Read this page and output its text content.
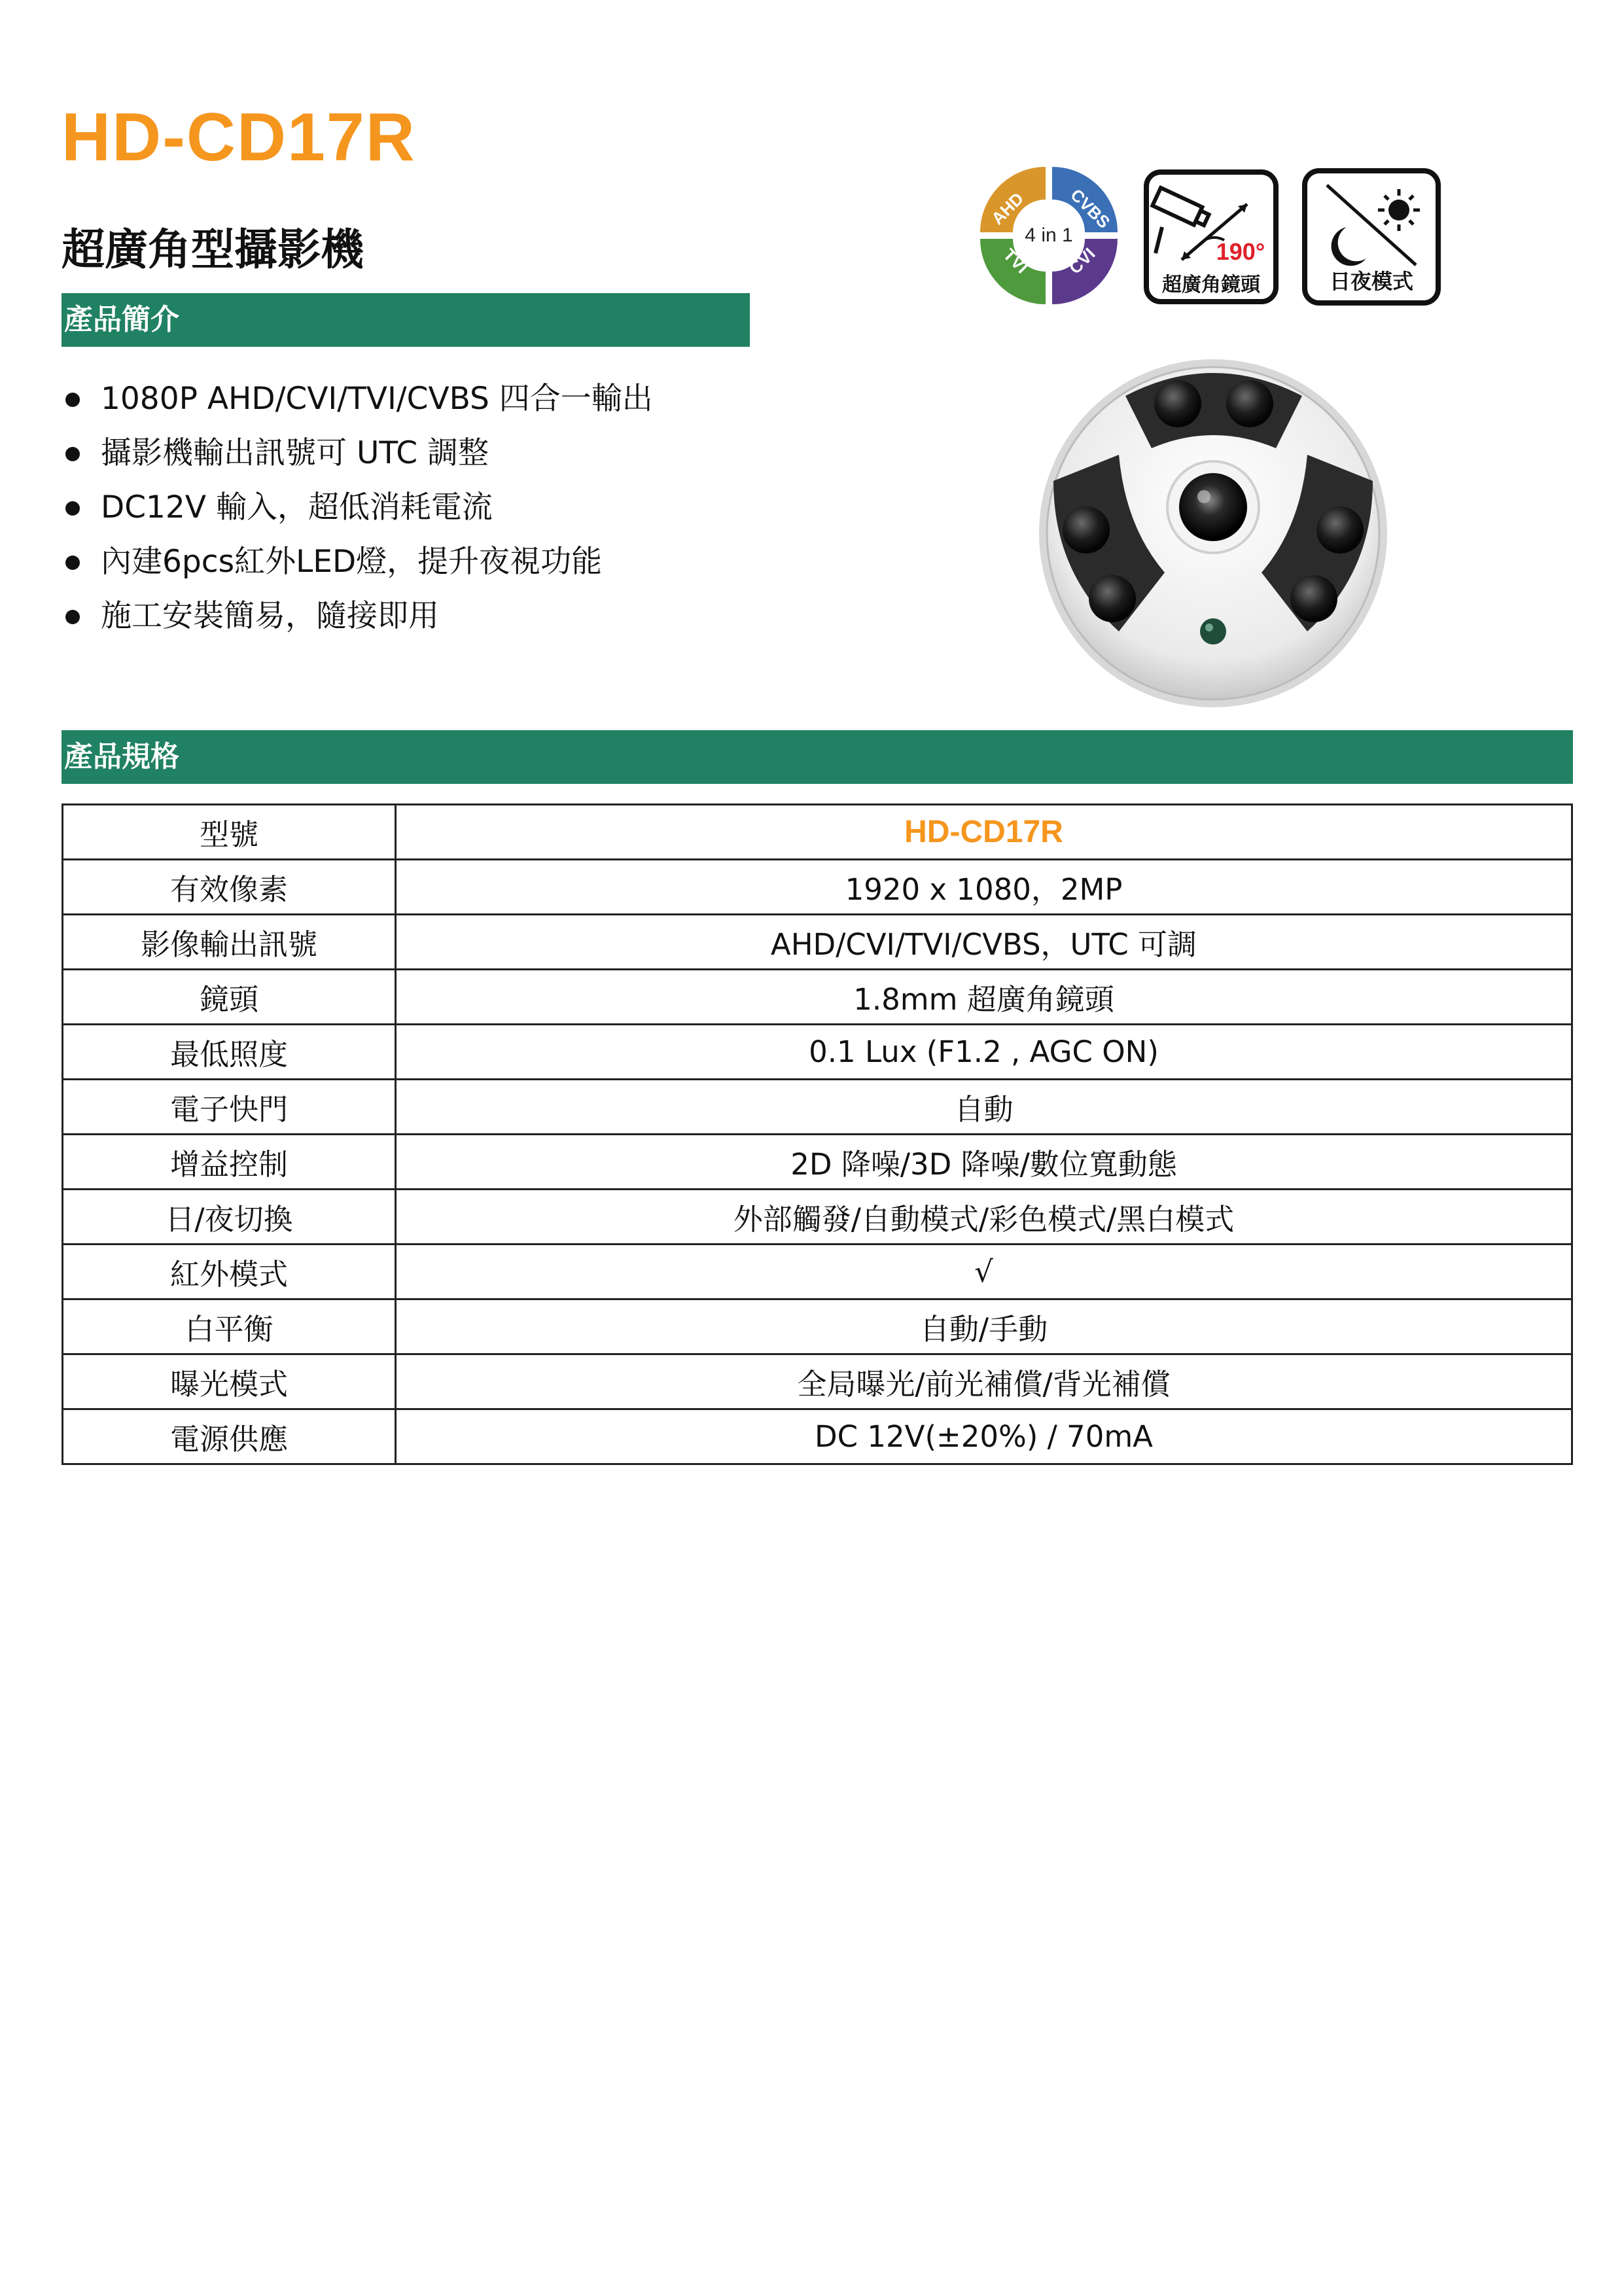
HD-CD17R
超廣角型攝影機
產品簡介
1080P AHD/CVI/TVI/CVBS 四合一輸出
攝影機輸出訊號可 UTC 調整
DC12V 輸入，超低消耗電流
內建6pcs紅外LED燈，提升夜視功能
施工安裝簡易，隨接即用
AHD CVBS
TVI CVI
4 in 1
190°
超廣角鏡頭
✦
日夜模式
產品規格
型號	HD-CD17R
有效像素	1920 x 1080，2MP
影像輸出訊號	AHD/CVI/TVI/CVBS，UTC 可調
鏡頭	1.8mm 超廣角鏡頭
最低照度	0.1 Lux (F1.2 , AGC ON)
電子快門	自動
增益控制	2D 降噪/3D 降噪/數位寬動態
日/夜切換	外部觸發/自動模式/彩色模式/黑白模式
紅外模式	√
白平衡	自動/手動
曝光模式	全局曝光/前光補償/背光補償
電源供應	DC 12V(±20%) / 70mA
